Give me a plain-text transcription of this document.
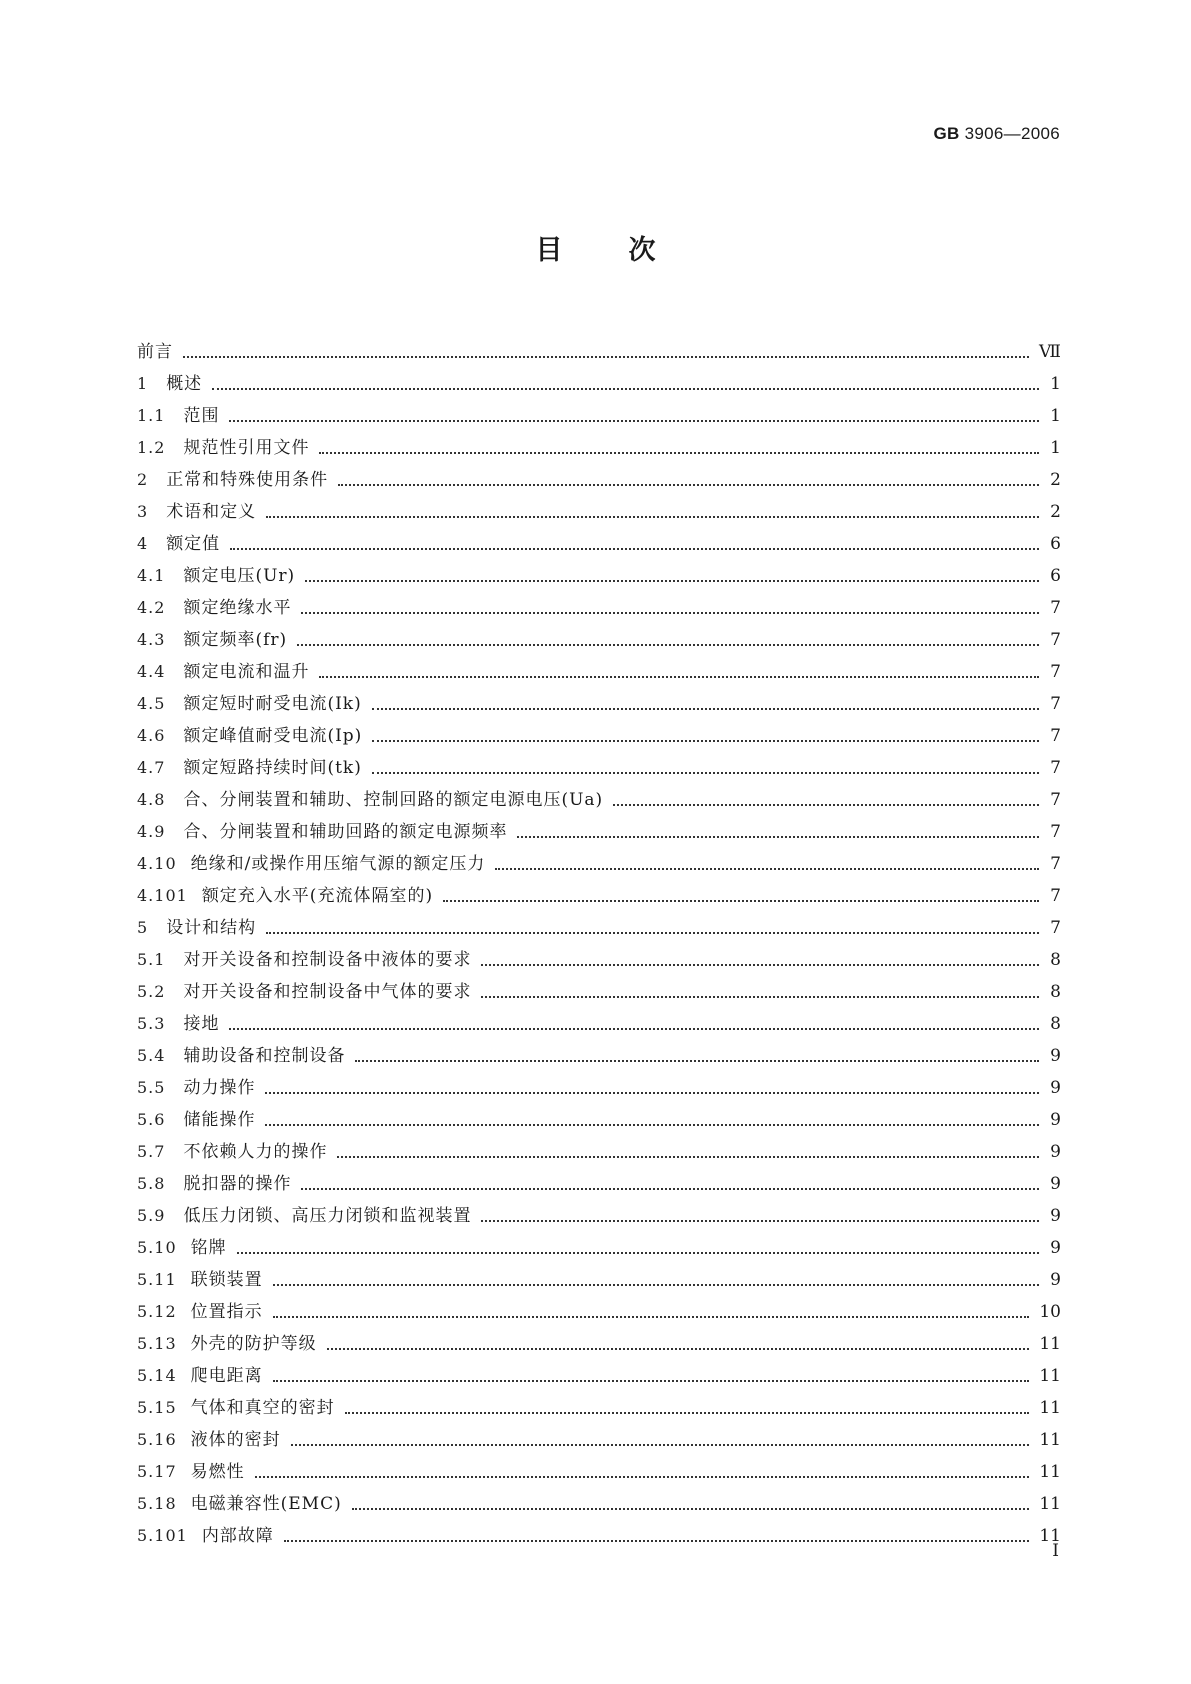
GB 3906—2006
目次
前言	Ⅶ
1 概述	1
1.1 范围	1
1.2 规范性引用文件	1
2 正常和特殊使用条件	2
3 术语和定义	2
4 额定值	6
4.1 额定电压(Ur)	6
4.2 额定绝缘水平	7
4.3 额定频率(fr)	7
4.4 额定电流和温升	7
4.5 额定短时耐受电流(Ik)	7
4.6 额定峰值耐受电流(Ip)	7
4.7 额定短路持续时间(tk)	7
4.8 合、分闸装置和辅助、控制回路的额定电源电压(Ua)	7
4.9 合、分闸装置和辅助回路的额定电源频率	7
4.10 绝缘和/或操作用压缩气源的额定压力	7
4.101 额定充入水平(充流体隔室的)	7
5 设计和结构	7
5.1 对开关设备和控制设备中液体的要求	8
5.2 对开关设备和控制设备中气体的要求	8
5.3 接地	8
5.4 辅助设备和控制设备	9
5.5 动力操作	9
5.6 储能操作	9
5.7 不依赖人力的操作	9
5.8 脱扣器的操作	9
5.9 低压力闭锁、高压力闭锁和监视装置	9
5.10 铭牌	9
5.11 联锁装置	9
5.12 位置指示	10
5.13 外壳的防护等级	11
5.14 爬电距离	11
5.15 气体和真空的密封	11
5.16 液体的密封	11
5.17 易燃性	11
5.18 电磁兼容性(EMC)	11
5.101 内部故障	11
Ⅰ
